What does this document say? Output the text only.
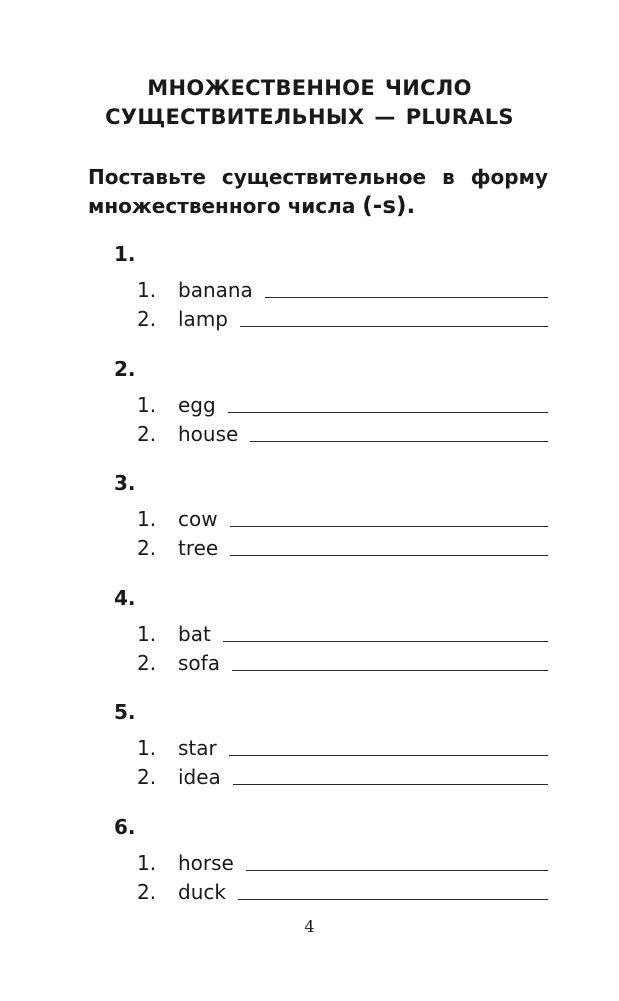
МНОЖЕСТВЕННОЕ ЧИСЛО
СУЩЕСТВИТЕЛЬНЫХ — PLURALS
Поставьте существительное в форму
множественного числа (-s).
1.
1.	banana
2.	lamp
2.
1.	egg
2.	house
3.
1.	cow
2.	tree
4.
1.	bat
2.	sofa
5.
1.	star
2.	idea
6.
1.	horse
2.	duck
4
